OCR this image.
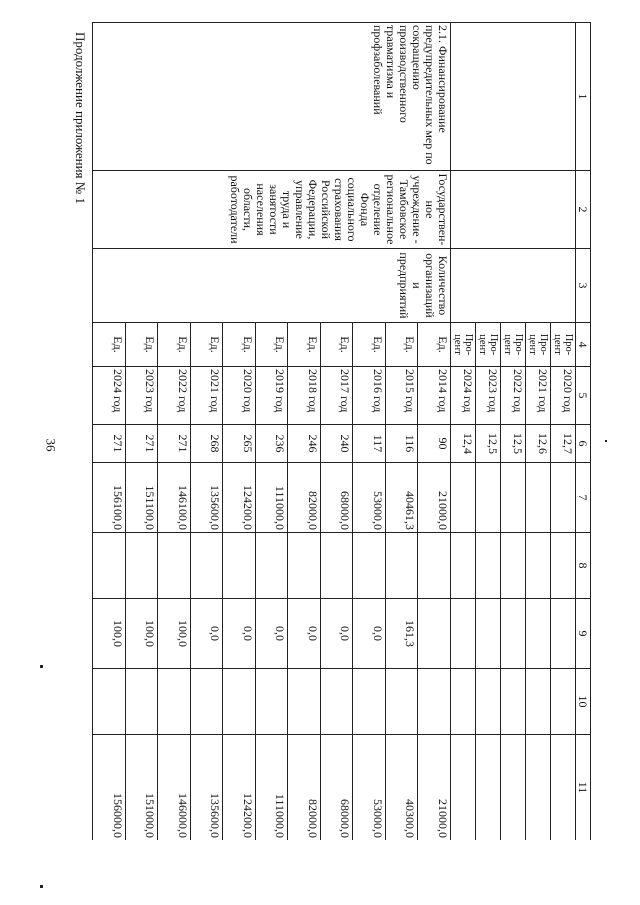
36
Продолжение приложения № 1	1	2	3	4	5	6	7	8	9	10	11
			Про-цент	2020 год	12,7					
			Про-цент	2021 год	12,6					
			Про-цент	2022 год	12,5					
			Про-цент	2023 год	12,5					
			Про-цент	2024 год	12,4					
2.1. Финансирование предупредительных мер по сокращению производственного травматизма и профзаболеваний	Государствен-ное учреждение - Тамбовское региональное отделение Фонда социального страхования Российской Федерации, управление труда и занятости населения области, работодатели	Количество организаций и предприятий	Ед.	2014 год	90	21000,0				21000,0
			Ед.	2015 год	116	40461,3		161,3		40300,0
			Ед.	2016 год	117	53000,0		0,0		53000,0
			Ед.	2017 год	240	68000,0		0,0		68000,0
			Ед.	2018 год	246	82000,0		0,0		82000,0
			Ед.	2019 год	236	111000,0		0,0		111000,0
			Ед.	2020 год	265	124200,0		0,0		124200,0
			Ед.	2021 год	268	135600,0		0,0		135600,0
			Ед.	2022 год	271	146100,0		100,0		146000,0
			Ед.	2023 год	271	151100,0		100,0		151000,0
			Ед.	2024 год	271	156100,0		100,0		156000,0
